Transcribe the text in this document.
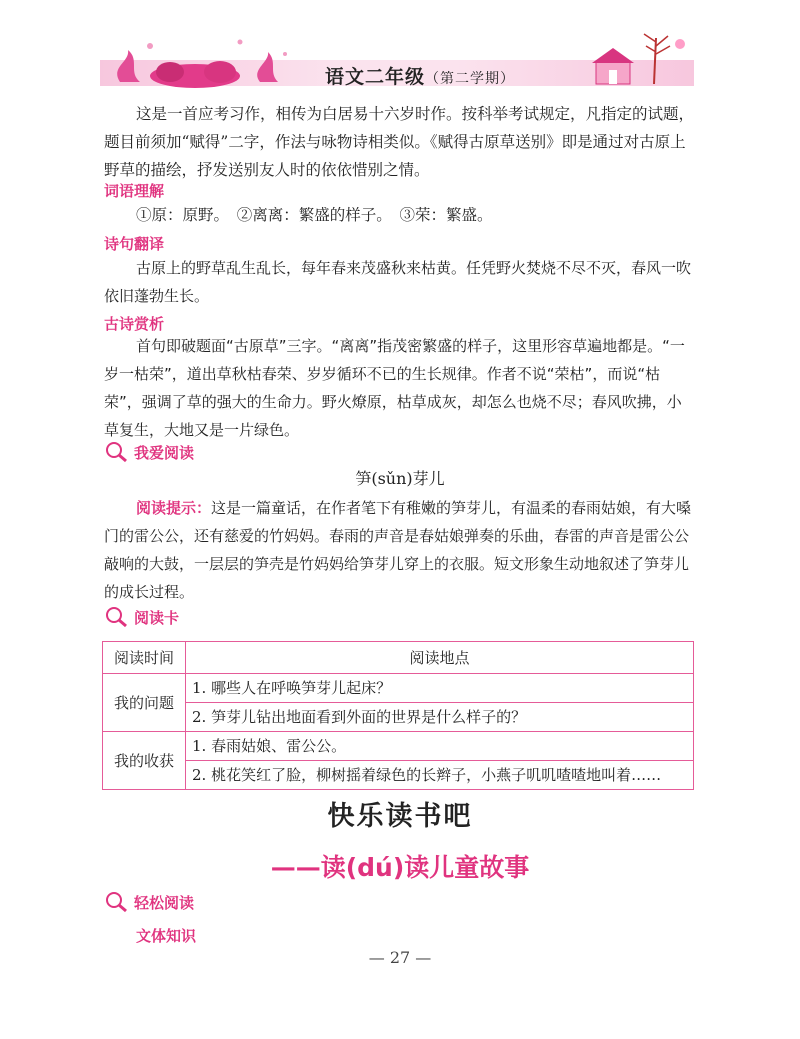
语文二年级（第二学期）

这是一首应考习作，相传为白居易十六岁时作。按科举考试规定，凡指定的试题，题目前须加“赋得”二字，作法与咏物诗相类似。《赋得古原草送别》即是通过对古原上野草的描绘，抒发送别友人时的依依惜别之情。

词语理解

①原：原野。　②离离：繁盛的样子。　③荣：繁盛。

诗句翻译

古原上的野草乱生乱长，每年春来茂盛秋来枯黄。任凭野火焚烧不尽不灭，春风一吹依旧蓬勃生长。

古诗赏析

首句即破题面“古原草”三字。“离离”指茂密繁盛的样子，这里形容草遍地都是。“一岁一枯荣”，道出草秋枯春荣、岁岁循环不已的生长规律。作者不说“荣枯”，而说“枯荣”，强调了草的强大的生命力。野火燎原，枯草成灰，却怎么也烧不尽；春风吹拂，小草复生，大地又是一片绿色。

我爱阅读
笋(sǔn)芽儿

阅读提示：这是一篇童话，在作者笔下有稚嫩的笋芽儿，有温柔的春雨姑娘，有大嗓门的雷公公，还有慈爱的竹妈妈。春雨的声音是春姑娘弹奏的乐曲，春雷的声音是雷公公敲响的大鼓，一层层的笋壳是竹妈妈给笋芽儿穿上的衣服。短文形象生动地叙述了笋芽儿的成长过程。

阅读卡
阅读时间	阅读地点
我的问题	1. 哪些人在呼唤笋芽儿起床？
2. 笋芽儿钻出地面看到外面的世界是什么样子的？

我的收获	1. 春雨姑娘、雷公公。
2. 桃花笑红了脸，柳树摇着绿色的长辫子，小燕子叽叽喳喳地叫着……
快乐读书吧
——读(dú)读儿童故事
轻松阅读
文体知识
— 27 —
